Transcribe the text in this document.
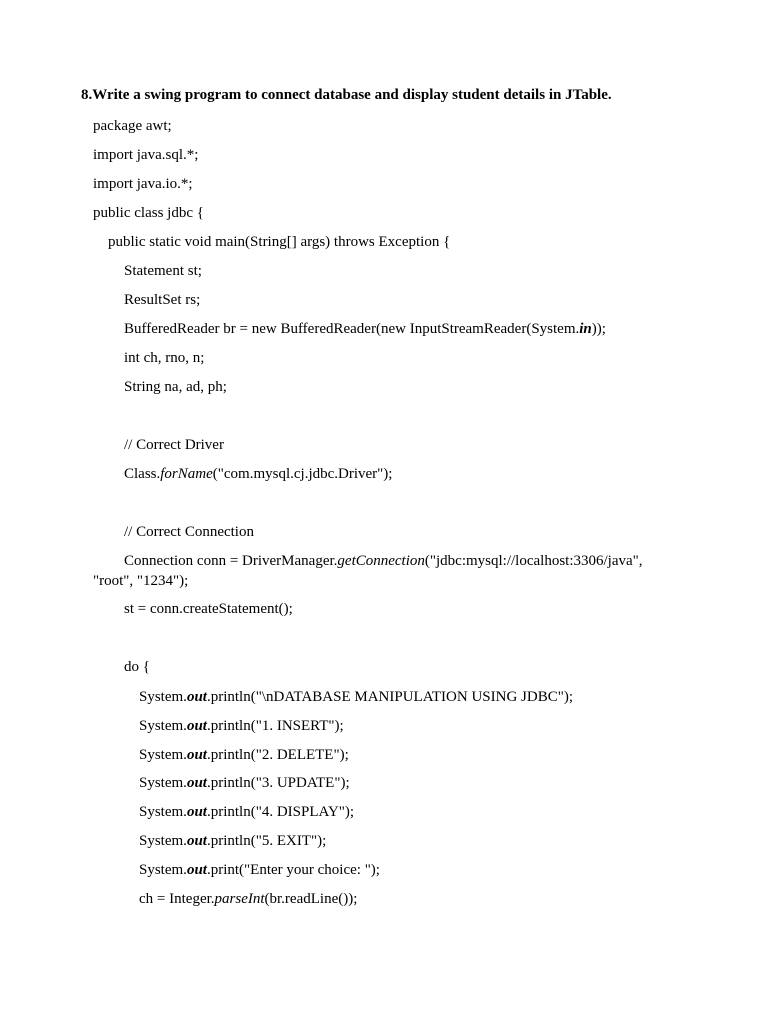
8.Write a swing program to connect database and display student details in JTable.
package awt;
import java.sql.*;
import java.io.*;
public class jdbc {
public static void main(String[] args) throws Exception {
Statement st;
ResultSet rs;
BufferedReader br = new BufferedReader(new InputStreamReader(System.in));
int ch, rno, n;
String na, ad, ph;
// Correct Driver
Class.forName("com.mysql.cj.jdbc.Driver");
// Correct Connection
Connection conn = DriverManager.getConnection("jdbc:mysql://localhost:3306/java",
"root", "1234");
st = conn.createStatement();
do {
System.out.println("\nDATABASE MANIPULATION USING JDBC");
System.out.println("1. INSERT");
System.out.println("2. DELETE");
System.out.println("3. UPDATE");
System.out.println("4. DISPLAY");
System.out.println("5. EXIT");
System.out.print("Enter your choice: ");
ch = Integer.parseInt(br.readLine());
